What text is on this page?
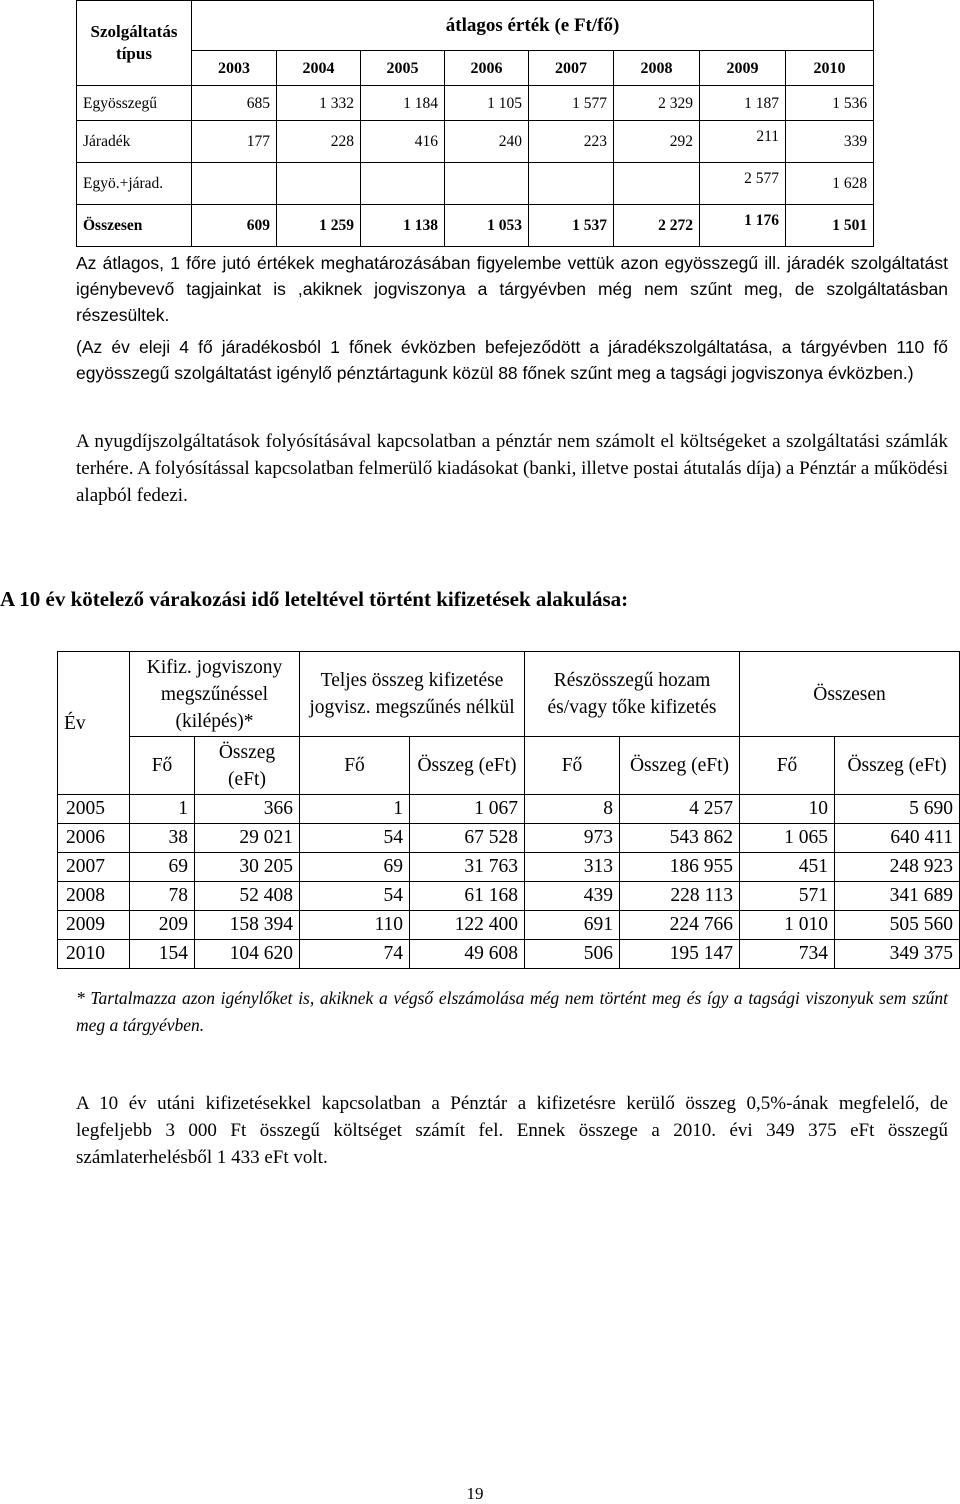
Szolgáltatás típus	átlagos érték (e Ft/fő)							
	2003	2004	2005	2006	2007	2008	2009	2010
Egyösszegű	685	1 332	1 184	1 105	1 577	2 329	1 187	1 536
Járadék	177	228	416	240	223	292	211	339
Egyö.+járad.							2 577	1 628
Összesen	609	1 259	1 138	1 053	1 537	2 272	1 176	1 501

Az átlagos, 1 főre jutó értékek meghatározásában figyelembe vettük azon egyösszegű ill. járadék szolgáltatást igénybevevő tagjainkat is ,akiknek jogviszonya a tárgyévben még nem szűnt meg, de szolgáltatásban részesültek.

(Az év eleji 4 fő járadékosból 1 főnek évközben befejeződött a járadékszolgáltatása, a tárgyévben 110 fő egyösszegű szolgáltatást igénylő pénztártagunk közül 88 főnek szűnt meg a tagsági jogviszonya évközben.)

A nyugdíjszolgáltatások folyósításával kapcsolatban a pénztár nem számolt el költségeket a szolgáltatási számlák terhére. A folyósítással kapcsolatban felmerülő kiadásokat (banki, illetve postai átutalás díja) a Pénztár a működési alapból fedezi.

A 10 év kötelező várakozási idő leteltével történt kifizetések alakulása:
Év	Kifiz. jogviszony megszűnéssel (kilépés)*		Teljes összeg kifizetése jogvisz. megszűnés nélkül		Részösszegű hozam és/vagy tőke kifizetés		Összesen	
	Fő	Összeg (eFt)	Fő	Összeg (eFt)	Fő	Összeg (eFt)	Fő	Összeg (eFt)
2005	1	366	1	1 067	8	4 257	10	5 690
2006	38	29 021	54	67 528	973	543 862	1 065	640 411
2007	69	30 205	69	31 763	313	186 955	451	248 923
2008	78	52 408	54	61 168	439	228 113	571	341 689
2009	209	158 394	110	122 400	691	224 766	1 010	505 560
2010	154	104 620	74	49 608	506	195 147	734	349 375

* Tartalmazza azon igénylőket is, akiknek a végső elszámolása még nem történt meg és így a tagsági viszonyuk sem szűnt meg a tárgyévben.

A 10 év utáni kifizetésekkel kapcsolatban a Pénztár a kifizetésre kerülő összeg 0,5%-ának megfelelő, de legfeljebb 3 000 Ft összegű költséget számít fel. Ennek összege a 2010. évi 349 375 eFt összegű számlaterhelésből 1 433 eFt volt.

19
